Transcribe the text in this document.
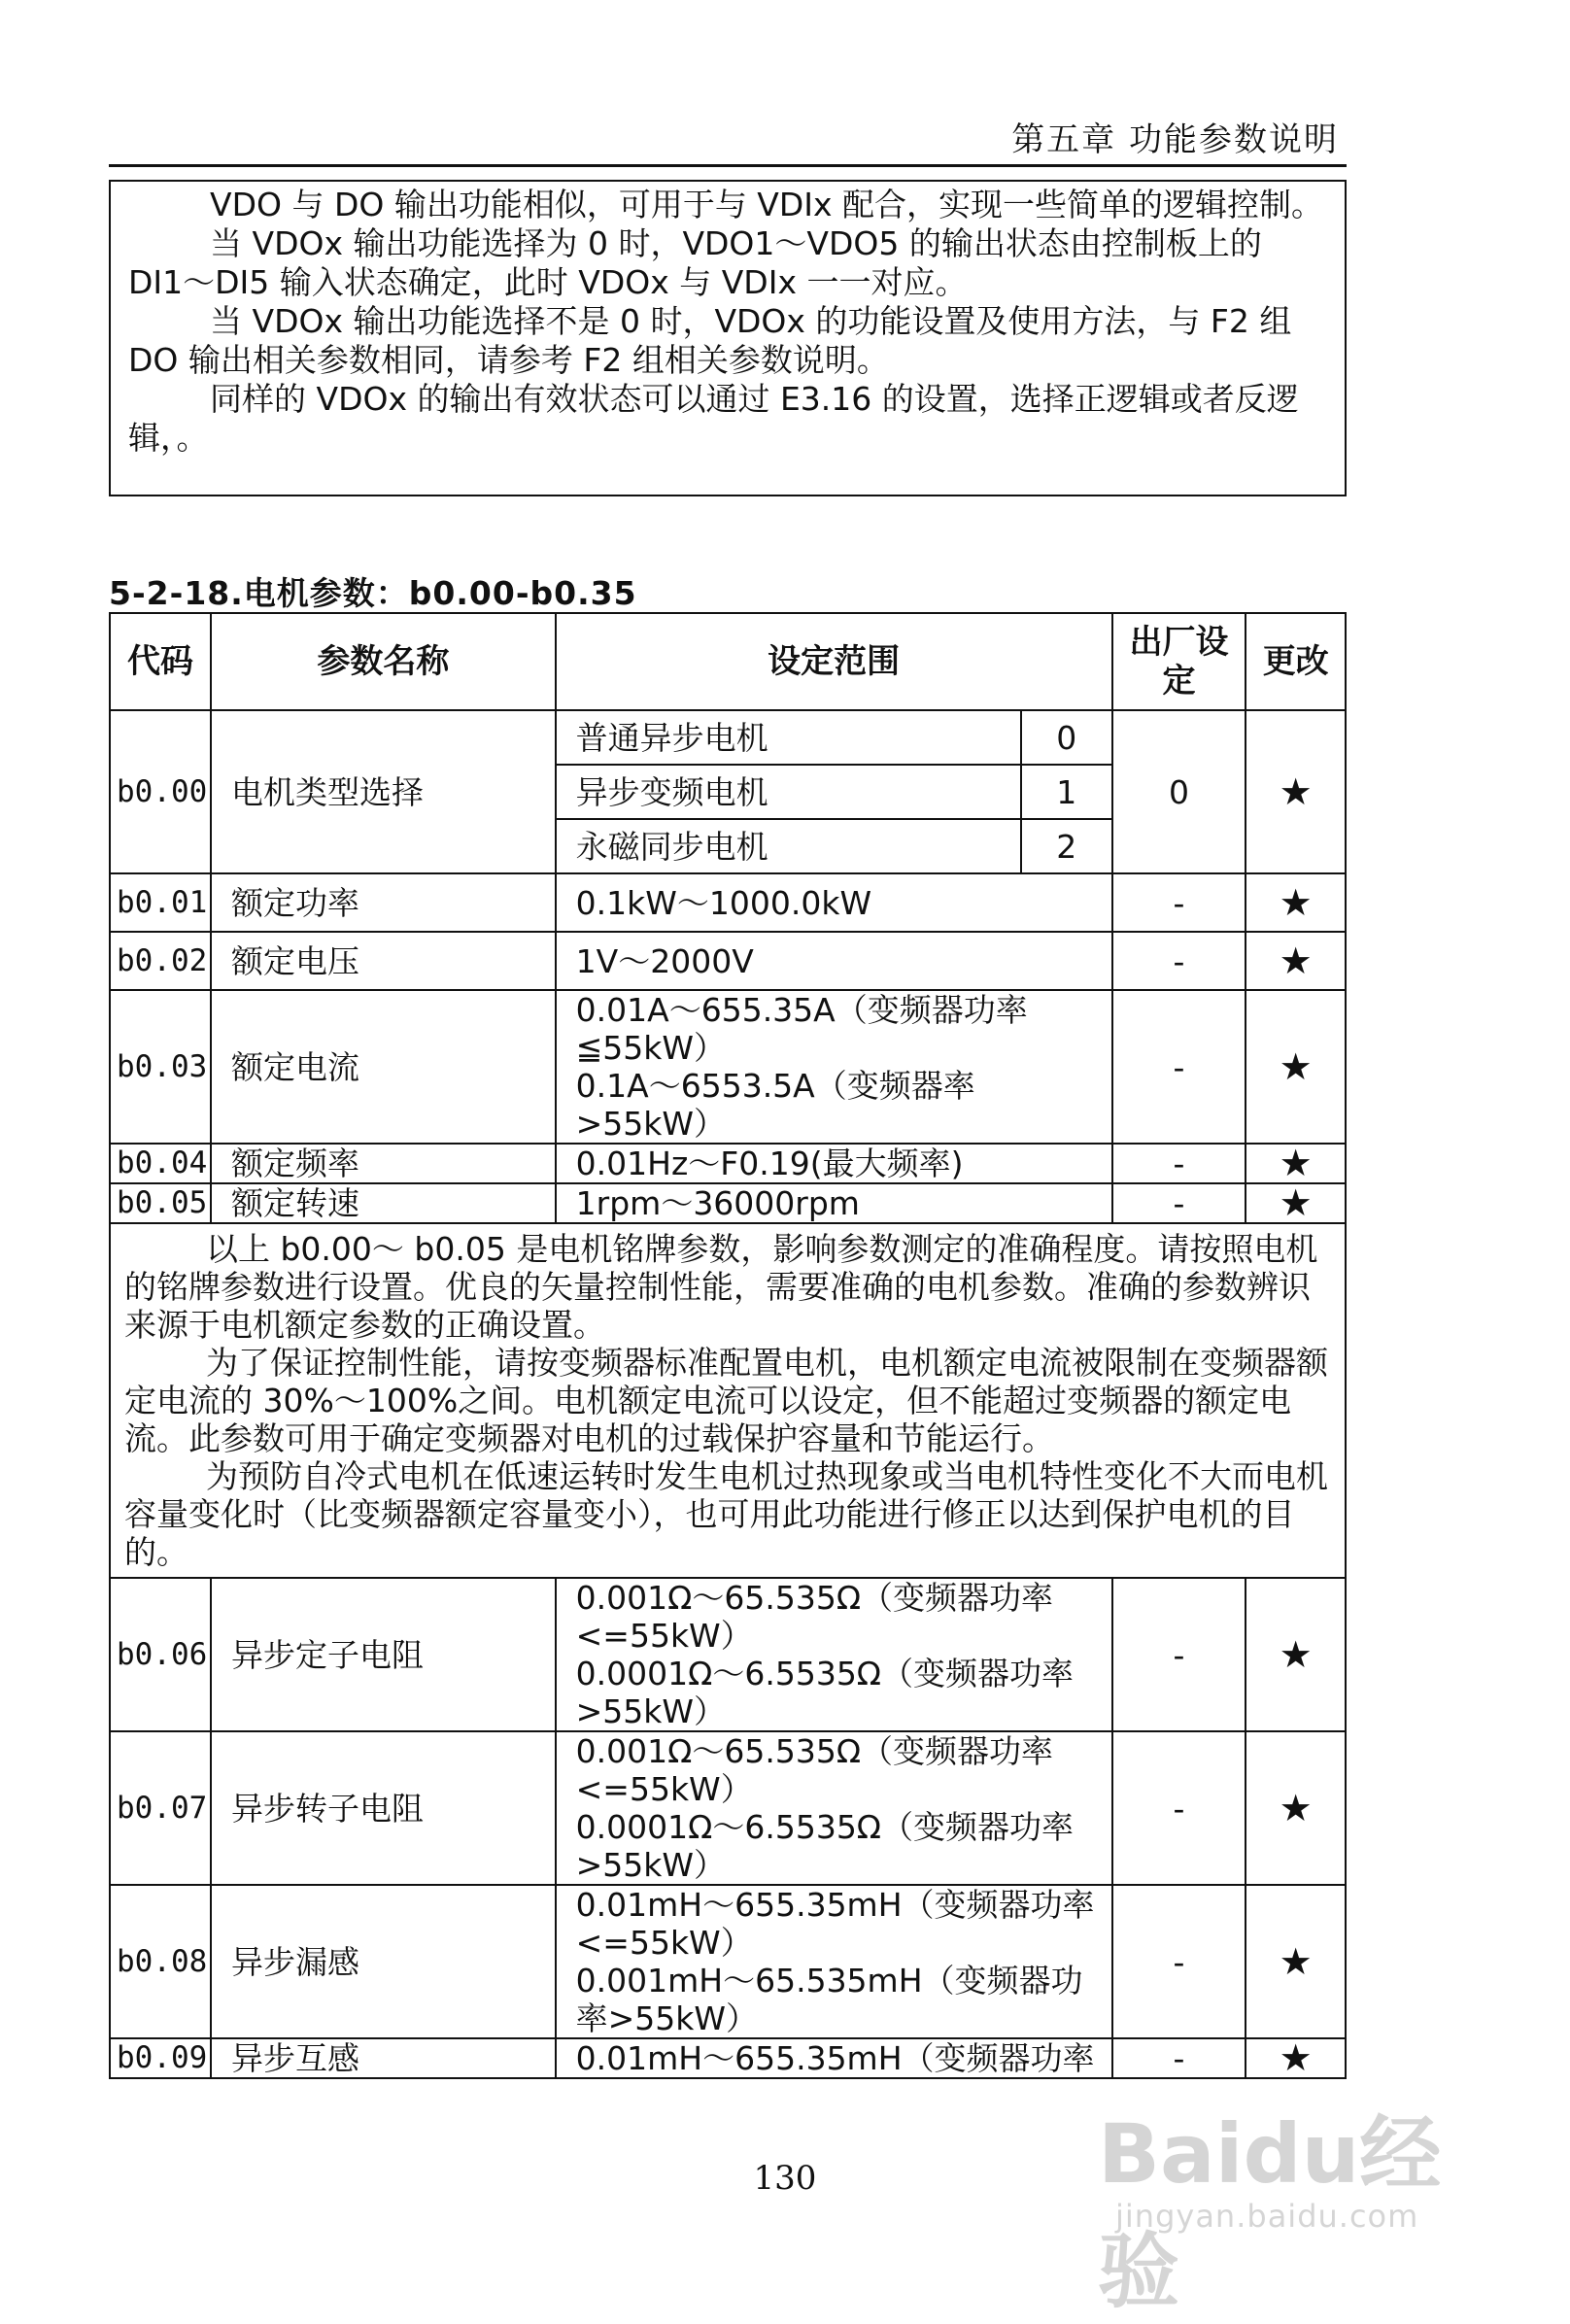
第五章 功能参数说明

VDO 与 DO 输出功能相似，可用于与 VDIx 配合，实现一些简单的逻辑控制。

当 VDOx 输出功能选择为 0 时，VDO1～VDO5 的输出状态由控制板上的 DI1～DI5 输入状态确定，此时 VDOx 与 VDIx 一一对应。

当 VDOx 输出功能选择不是 0 时，VDOx 的功能设置及使用方法，与 F2 组 DO 输出相关参数相同，请参考 F2 组相关参数说明。

同样的 VDOx 的输出有效状态可以通过 E3.16 的设置，选择正逻辑或者反逻辑，。

5-2-18.电机参数：b0.00-b0.35
代码	参数名称	设定范围		出厂设定	更改
b0.00	电机类型选择	普通异步电机	0	0	★
		异步变频电机	1		
		永磁同步电机	2		
b0.01	额定功率	0.1kW～1000.0kW		-	★
b0.02	额定电压	1V～2000V		-	★
b0.03	额定电流	0.01A～655.35A（变频器功率≦55kW）
0.1A～6553.5A（变频器率>55kW）		-	★
b0.04	额定频率	0.01Hz～F0.19(最大频率)		-	★
b0.05	额定转速	1rpm～36000rpm		-	★

以上 b0.00～ b0.05 是电机铭牌参数，影响参数测定的准确程度。请按照电机的铭牌参数进行设置。优良的矢量控制性能，需要准确的电机参数。准确的参数辨识来源于电机额定参数的正确设置。

为了保证控制性能，请按变频器标准配置电机，电机额定电流被限制在变频器额定电流的 30%～100%之间。电机额定电流可以设定，但不能超过变频器的额定电流。此参数可用于确定变频器对电机的过载保护容量和节能运行。

为预防自冷式电机在低速运转时发生电机过热现象或当电机特性变化不大而电机容量变化时（比变频器额定容量变小），也可用此功能进行修正以达到保护电机的目的。					

b0.06	异步定子电阻	0.001Ω～65.535Ω（变频器功率<=55kW）
0.0001Ω～6.5535Ω（变频器功率>55kW）		-	★
b0.07	异步转子电阻	0.001Ω～65.535Ω（变频器功率<=55kW）
0.0001Ω～6.5535Ω（变频器功率>55kW）		-	★
b0.08	异步漏感	0.01mH～655.35mH（变频器功率<=55kW）
0.001mH～65.535mH（变频器功率>55kW）		-	★
b0.09	异步互感	0.01mH～655.35mH（变频器功率		-	★
130	Baidu经验
jingyan.baidu.com
